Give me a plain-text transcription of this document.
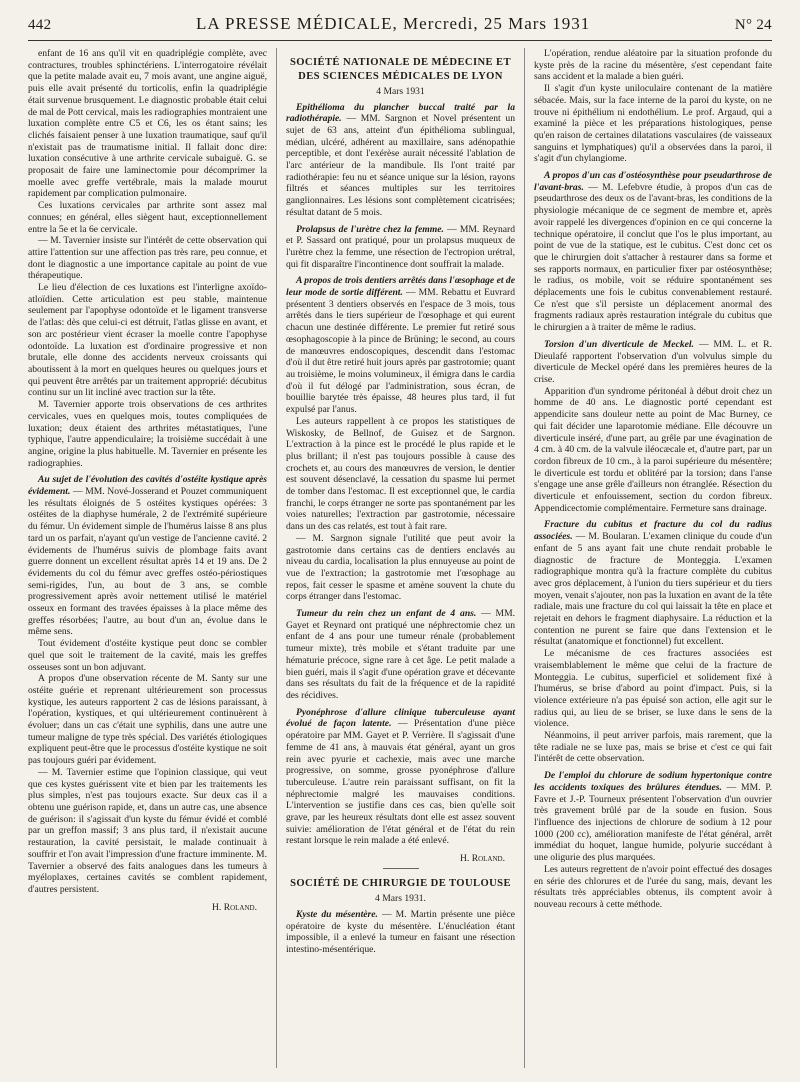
442	LA PRESSE MÉDICALE, Mercredi, 25 Mars 1931	N° 24

enfant de 16 ans qu'il vit en quadriplégie complète, avec contractures, troubles sphinctériens. L'interrogatoire révélait que la petite malade avait eu, 7 mois avant, une angine aiguë, puis elle avait présenté du torticolis, enfin la quadriplégie était survenue brusquement. Le diagnostic probable était celui de mal de Pott cervical, mais les radiographies montraient une luxation complète entre C5 et C6, les os étant sains; les clichés faisaient penser à une luxation traumatique, sauf qu'il n'existait pas de traumatisme initial. Il fallait donc dire: luxation consécutive à une arthrite cervicale subaiguë. G. se proposait de faire une laminectomie pour décomprimer la moelle avec greffe vertébrale, mais la malade mourut rapidement par complication pulmonaire.

Ces luxations cervicales par arthrite sont assez mal connues; en général, elles siègent haut, exceptionnellement entre la 5e et la 6e cervicale.

— M. Tavernier insiste sur l'intérêt de cette observation qui attire l'attention sur une affection pas très rare, peu connue, et dont le diagnostic a une importance capitale au point de vue thérapeutique.

Le lieu d'élection de ces luxations est l'interligne axoïdo-atloïdien. Cette articulation est peu stable, maintenue seulement par l'apophyse odontoïde et le ligament transverse de l'atlas: dès que celui-ci est détruit, l'atlas glisse en avant, et son arc postérieur vient écraser la moelle contre l'apophyse odontoïde. La luxation est d'ordinaire progressive et non brutale, elle donne des accidents nerveux croissants qui aboutissent à la mort en quelques heures ou quelques jours et qui peuvent être arrêtés par un traitement approprié: décubitus continu sur un lit incliné avec traction sur la tête.

M. Tavernier apporte trois observations de ces arthrites cervicales, vues en quelques mois, toutes compliquées de luxation; deux étaient des arthrites métastatiques, l'une typhique, l'autre appendiculaire; la troisième succédait à une angine, origine la plus habituelle. M. Tavernier en présente les radiographies.

Au sujet de l'évolution des cavités d'ostéite kystique après évidement. — MM. Nové-Josserand et Pouzet communiquent les résultats éloignés de 5 ostéites kystiques opérées: 3 ostéites de la diaphyse humérale, 2 de l'extrémité supérieure du fémur. Un évidement simple de l'humérus laisse 8 ans plus tard un os parfait, n'ayant qu'un vestige de l'ancienne cavité. 2 évidements de l'humérus suivis de plombage faits avant guerre donnent un excellent résultat après 14 et 19 ans. De 2 évidements du col du fémur avec greffes ostéo-périostiques semi-rigides, l'un, au bout de 3 ans, se comble progressivement après avoir nettement utilisé le matériel osseux en formant des travées épaisses à la place même des greffes résorbées; l'autre, au bout d'un an, évolue dans le même sens.

Tout évidement d'ostéite kystique peut donc se combler quel que soit le traitement de la cavité, mais les greffes osseuses sont un bon adjuvant.

A propos d'une observation récente de M. Santy sur une ostéite guérie et reprenant ultérieurement son processus kystique, les auteurs rapportent 2 cas de lésions paraissant, à l'opération, kystiques, et qui ultérieurement continuèrent à évoluer; dans un cas c'était une syphilis, dans une autre une tumeur maligne de type très spécial. Des variétés étiologiques expliquent peut-être que le processus d'ostéite kystique ne soit pas toujours guéri par évidement.

— M. Tavernier estime que l'opinion classique, qui veut que ces kystes guérissent vite et bien par les traitements les plus simples, n'est pas toujours exacte. Sur deux cas il a obtenu une guérison rapide, et, dans un autre cas, une absence de guérison: il s'agissait d'un kyste du fémur évidé et comblé par un greffon massif; 3 ans plus tard, il n'existait aucune restauration, la cavité persistait, le malade continuait à souffrir et l'on avait l'impression d'une fracture imminente. M. Tavernier a observé des faits analogues dans les tumeurs à myéloplaxes, certaines cavités se comblent rapidement, d'autres persistent.

H. Roland.
SOCIÉTÉ NATIONALE DE MÉDECINE ET DES SCIENCES MÉDICALES DE LYON
4 Mars 1931

Epithélioma du plancher buccal traité par la radiothérapie. — MM. Sargnon et Novel présentent un sujet de 63 ans, atteint d'un épithélioma sublingual, médian, ulcéré, adhérent au maxillaire, sans adénopathie perceptible, et dont l'exérèse aurait nécessité l'ablation de l'arc antérieur de la mandibule. Ils l'ont traité par radiothérapie: feu nu et séance unique sur la lésion, rayons filtrés et séances multiples sur les territoires ganglionnaires. Les lésions sont complètement cicatrisées; résultat datant de 5 mois.

Prolapsus de l'urètre chez la femme. — MM. Reynard et P. Sassard ont pratiqué, pour un prolapsus muqueux de l'urètre chez la femme, une résection de l'ectropion urétral, qui fit disparaître l'incontinence dont souffrait la malade.

A propos de trois dentiers arrêtés dans l'œsophage et de leur mode de sortie différent. — MM. Rebattu et Euvrard présentent 3 dentiers observés en l'espace de 3 mois, tous arrêtés dans le tiers supérieur de l'œsophage et qui eurent chacun une destinée différente. Le premier fut retiré sous œsophagoscopie à la pince de Brüning; le second, au cours de manœuvres endoscopiques, descendit dans l'estomac d'où il dut être retiré huit jours après par gastrotomie; quant au troisième, le moins volumineux, il émigra dans le cardia d'où il fut délogé par l'administration, sous écran, de bouillie barytée très épaisse, 48 heures plus tard, il fut expulsé par l'anus.

Les auteurs rappellent à ce propos les statistiques de Wiskosky, de Bellnof, de Guisez et de Sargnon. L'extraction à la pince est le procédé le plus rapide et le plus brillant; il n'est pas toujours possible à cause des crochets et, au cours des manœuvres de version, le dentier est souvent désenclavé, la cessation du spasme lui permet de tomber dans l'estomac. Il est exceptionnel que, le cardia franchi, le corps étranger ne sorte pas spontanément par les voies naturelles; l'extraction par gastrotomie, nécessaire dans un des cas relatés, est tout à fait rare.

— M. Sargnon signale l'utilité que peut avoir la gastrotomie dans certains cas de dentiers enclavés au niveau du cardia, localisation la plus ennuyeuse au point de vue de l'extraction; la gastrotomie met l'œsophage au repos, fait cesser le spasme et amène souvent la chute du corps étranger dans l'estomac.

Tumeur du rein chez un enfant de 4 ans. — MM. Gayet et Reynard ont pratiqué une néphrectomie chez un enfant de 4 ans pour une tumeur rénale (probablement tumeur mixte), très mobile et s'étant traduite par une hématurie précoce, signe rare à cet âge. Le petit malade a bien guéri, mais il s'agit d'une opération grave et décevante dans ses résultats du fait de la fréquence et de la rapidité des récidives.

Pyonéphrose d'allure clinique tuberculeuse ayant évolué de façon latente. — Présentation d'une pièce opératoire par MM. Gayet et P. Verrière. Il s'agissait d'une femme de 41 ans, à mauvais état général, ayant un gros rein avec pyurie et cachexie, mais avec une marche progressive, on somme, grosse pyonéphrose d'allure tuberculeuse. L'autre rein paraissant suffisant, on fit la néphrectomie malgré les mauvaises conditions. L'intervention se justifie dans ces cas, bien qu'elle soit grave, par les heureux résultats dont elle est assez souvent suivie: amélioration de l'état général et de l'état du rein restant lorsque le rein malade a été enlevé.

H. Roland.
SOCIÉTÉ DE CHIRURGIE DE TOULOUSE
4 Mars 1931.

Kyste du mésentère. — M. Martin présente une pièce opératoire de kyste du mésentère. L'énucléation étant impossible, il a enlevé la tumeur en faisant une résection intestino-mésentérique.

L'opération, rendue aléatoire par la situation profonde du kyste près de la racine du mésentère, s'est cependant faite sans accident et la malade a bien guéri.

Il s'agit d'un kyste uniloculaire contenant de la matière sébacée. Mais, sur la face interne de la paroi du kyste, on ne trouve ni épithélium ni endothélium. Le prof. Argaud, qui a examiné la pièce et les préparations histologiques, pense qu'en raison de certaines dilatations vasculaires (de vaisseaux sanguins et lymphatiques) qu'il a observées dans la paroi, il s'agit d'un chylangiome.

A propos d'un cas d'ostéosynthèse pour pseudarthrose de l'avant-bras. — M. Lefebvre étudie, à propos d'un cas de pseudarthrose des deux os de l'avant-bras, les conditions de la physiologie mécanique de ce segment de membre et, après avoir rappelé les divergences d'opinion en ce qui concerne la technique opératoire, il conclut que l'os le plus important, au point de vue de la statique, est le cubitus. C'est donc cet os que le chirurgien doit s'attacher à restaurer dans sa forme et ses rapports normaux, en particulier fixer par ostéosynthèse; le radius, os mobile, voit se réduire spontanément ses déplacements une fois le cubitus convenablement restauré. Ce n'est que s'il persiste un déplacement anormal des fragments radiaux après restauration intégrale du cubitus que le chirurgien a à traiter de même le radius.

Torsion d'un diverticule de Meckel. — MM. L. et R. Dieulafé rapportent l'observation d'un volvulus simple du diverticule de Meckel opéré dans les premières heures de la crise.

Apparition d'un syndrome péritonéal à début droit chez un homme de 40 ans. Le diagnostic porté cependant est appendicite sans douleur nette au point de Mac Burney, ce qui fait décider une laparotomie médiane. Elle découvre un diverticule inséré, d'une part, au grêle par une évagination de 4 cm. à 40 cm. de la valvule iléocæcale et, d'autre part, par un cordon fibreux de 10 cm., à la paroi supérieure du mésentère; le diverticule est tordu et oblitéré par la torsion; dans l'anse s'engage une anse grêle d'ailleurs non étranglée. Résection du diverticule et enfouissement, section du cordon fibreux. Appendicectomie complémentaire. Fermeture sans drainage.

Fracture du cubitus et fracture du col du radius associées. — M. Boularan. L'examen clinique du coude d'un enfant de 5 ans ayant fait une chute rendait probable le diagnostic de fracture de Monteggia. L'examen radiographique montra qu'à la fracture complète du cubitus avec gros déplacement, à l'union du tiers supérieur et du tiers moyen, venait s'ajouter, non pas la luxation en avant de la tête radiale, mais une fracture du col qui laissait la tête en place et rejetait en dehors le fragment diaphysaire. La réduction et la contention ne purent se faire que dans l'extension et le résultat (anatomique et fonctionnel) fut excellent.

Le mécanisme de ces fractures associées est vraisemblablement le même que celui de la fracture de Monteggia. Le cubitus, superficiel et solidement fixé à l'humérus, se brise d'abord au point d'impact. Puis, si la violence extérieure n'a pas épuisé son action, elle agit sur le radius qui, au lieu de se briser, se luxe dans le sens de la violence.

Néanmoins, il peut arriver parfois, mais rarement, que la tête radiale ne se luxe pas, mais se brise et c'est ce qui fait l'intérêt de cette observation.

De l'emploi du chlorure de sodium hypertonique contre les accidents toxiques des brûlures étendues. — MM. P. Favre et J.-P. Tourneux présentent l'observation d'un ouvrier très gravement brûlé par de la soude en fusion. Sous l'influence des injections de chlorure de sodium à 12 pour 1000 (200 cc), amélioration manifeste de l'état général, arrêt immédiat du hoquet, langue humide, polyurie succédant à une oligurie des plus marquées.

Les auteurs regrettent de n'avoir point effectué des dosages en série des chlorures et de l'urée du sang, mais, devant les résultats très appréciables obtenus, ils comptent avoir à nouveau recours à cette méthode.
